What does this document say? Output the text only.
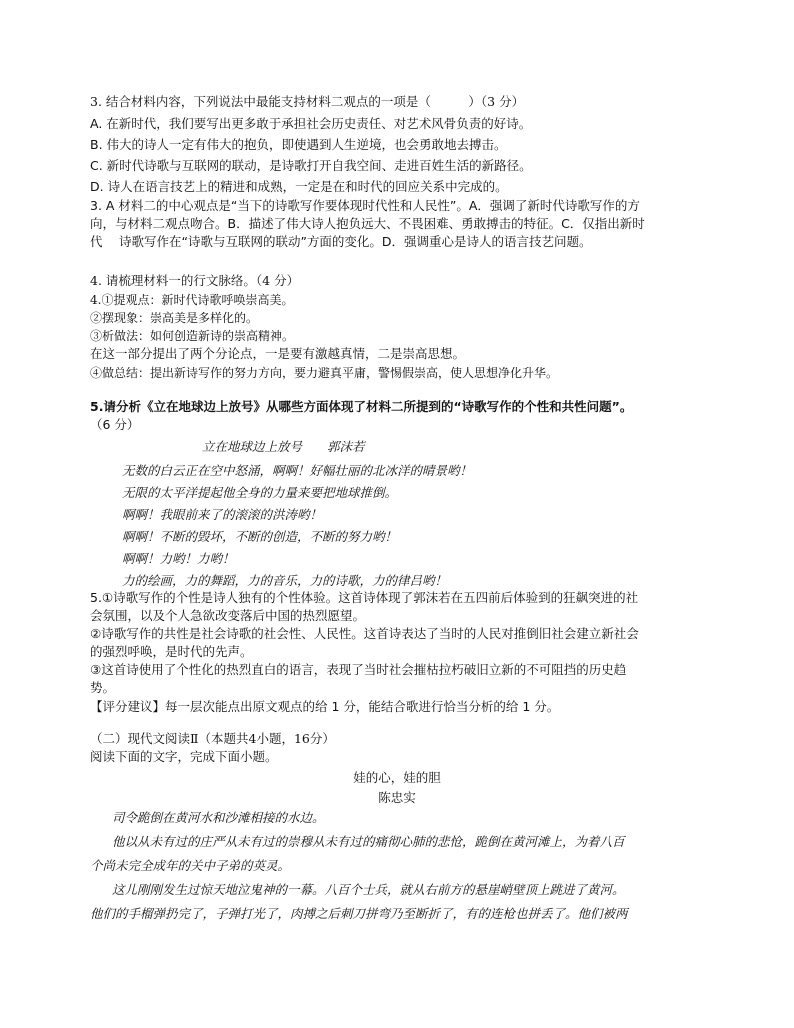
3. 结合材料内容，下列说法中最能支持材料二观点的一项是（　　　）（3 分）
A. 在新时代，我们要写出更多敢于承担社会历史责任、对艺术风骨负责的好诗。
B. 伟大的诗人一定有伟大的抱负，即使遇到人生逆境，也会勇敢地去搏击。
C. 新时代诗歌与互联网的联动，是诗歌打开自我空间、走进百姓生活的新路径。
D. 诗人在语言技艺上的精进和成熟，一定是在和时代的回应关系中完成的。
3. A 材料二的中心观点是“当下的诗歌写作要体现时代性和人民性”。A．强调了新时代诗歌写作的方
向，与材料二观点吻合。B．描述了伟大诗人抱负远大、不畏困难、勇敢搏击的特征。C．仅指出新时
代　 诗歌写作在“诗歌与互联网的联动”方面的变化。D．强调重心是诗人的语言技艺问题。
4. 请梳理材料一的行文脉络。（4 分）
4.①提观点：新时代诗歌呼唤崇高美。
②摆现象：崇高美是多样化的。
③析做法：如何创造新诗的崇高精神。
在这一部分提出了两个分论点，一是要有激越真情，二是崇高思想。
④做总结：提出新诗写作的努力方向，要力避真平庸，警惕假崇高，使人思想净化升华。
5.请分析《立在地球边上放号》从哪些方面体现了材料二所提到的“诗歌写作的个性和共性问题”。
（6 分）
立在地球边上放号　　郭沫若
无数的白云正在空中怒涌，啊啊！好幅壮丽的北冰洋的晴景哟！
无限的太平洋提起他全身的力量来要把地球推倒。
啊啊！我眼前来了的滚滚的洪涛哟！
啊啊！不断的毁坏，不断的创造，不断的努力哟！
啊啊！力哟！力哟！
力的绘画，力的舞蹈，力的音乐，力的诗歌，力的律吕哟！
5.①诗歌写作的个性是诗人独有的个性体验。这首诗体现了郭沫若在五四前后体验到的狂飙突进的社
会氛围，以及个人急欲改变落后中国的热烈愿望。
②诗歌写作的共性是社会诗歌的社会性、人民性。这首诗表达了当时的人民对推倒旧社会建立新社会
的强烈呼唤，是时代的先声。
③这首诗使用了个性化的热烈直白的语言，表现了当时社会摧枯拉朽破旧立新的不可阻挡的历史趋
势。
【评分建议】每一层次能点出原文观点的给 1 分，能结合歌进行恰当分析的给 1 分。
（二）现代文阅读Ⅱ（本题共4小题，16分）
阅读下面的文字，完成下面小题。
娃的心，娃的胆
陈忠实
司令跪倒在黄河水和沙滩相接的水边。
他以从未有过的庄严从未有过的崇穆从未有过的痛彻心肺的悲怆，跪倒在黄河滩上，为着八百
个尚未完全成年的关中子弟的英灵。
这儿刚刚发生过惊天地泣鬼神的一幕。八百个士兵，就从右前方的悬崖峭壁顶上跳进了黄河。
他们的手榴弹扔完了，子弹打光了，肉搏之后刺刀拼弯乃至断折了，有的连枪也拼丢了。他们被两
